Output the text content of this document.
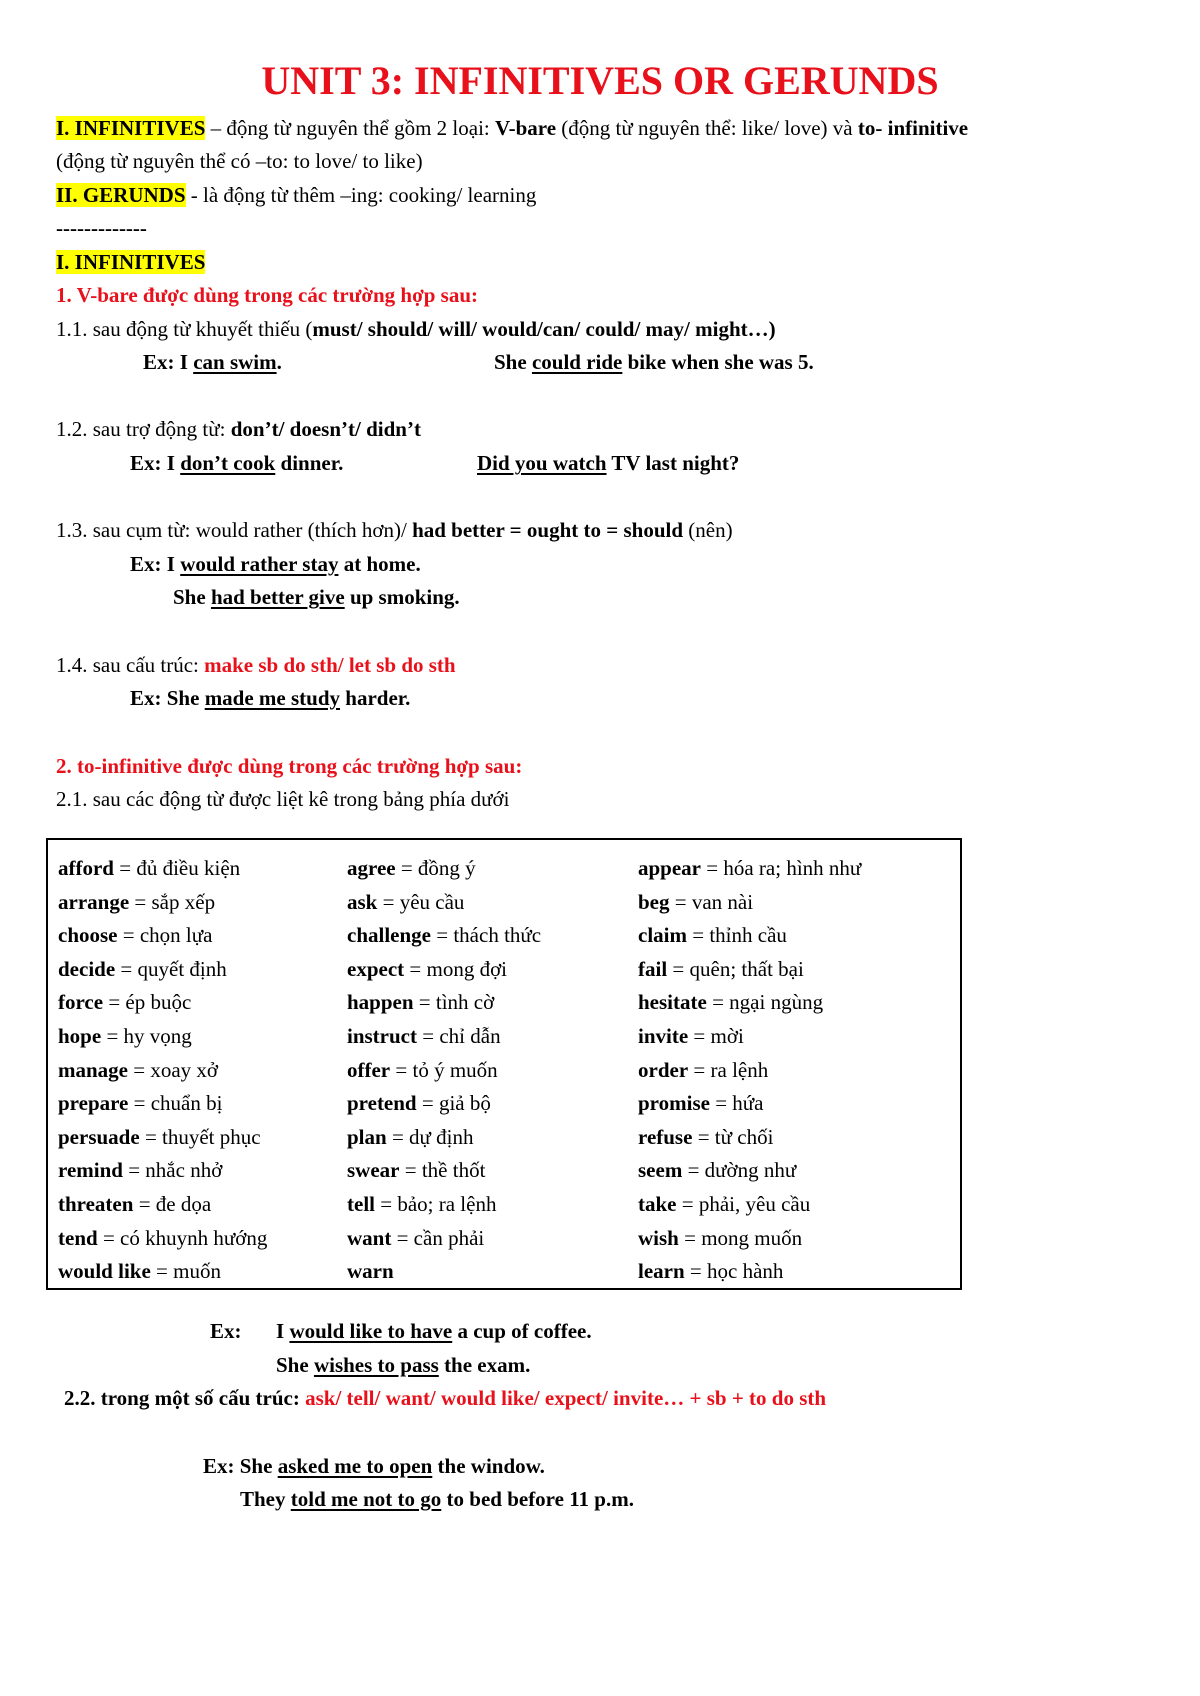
UNIT 3: INFINITIVES OR GERUNDS
I. INFINITIVES – động từ nguyên thể gồm 2 loại: V-bare (động từ nguyên thể: like/ love) và to- infinitive
(động từ nguyên thể có –to: to love/ to like)
II. GERUNDS - là động từ thêm –ing: cooking/ learning
-------------
I. INFINITIVES
1. V-bare được dùng trong các trường hợp sau:
1.1. sau động từ khuyết thiếu (must/ should/ will/ would/can/ could/ may/ might…)
Ex: I can swim.	She could ride bike when she was 5.
1.2. sau trợ động từ: don’t/ doesn’t/ didn’t
Ex: I don’t cook dinner.	Did you watch TV last night?
1.3. sau cụm từ: would rather (thích hơn)/ had better = ought to = should (nên)
Ex: I would rather stay at home.
She had better give up smoking.
1.4. sau cấu trúc: make sb do sth/ let sb do sth
Ex: She made me study harder.
2. to-infinitive được dùng trong các trường hợp sau:
2.1. sau các động từ được liệt kê trong bảng phía dưới
afford = đủ điều kiện
arrange = sắp xếp
choose = chọn lựa
decide = quyết định
force = ép buộc
hope = hy vọng
manage = xoay xở
prepare = chuẩn bị
persuade = thuyết phục
remind = nhắc nhở
threaten = đe dọa
tend = có khuynh hướng
would like = muốn
agree = đồng ý
ask = yêu cầu
challenge = thách thức
expect = mong đợi
happen = tình cờ
instruct = chỉ dẫn
offer = tỏ ý muốn
pretend = giả bộ
plan = dự định
swear = thề thốt
tell = bảo; ra lệnh
want = cần phải
warn
appear = hóa ra; hình như
beg = van nài
claim = thỉnh cầu
fail = quên; thất bại
hesitate = ngại ngùng
invite = mời
order = ra lệnh
promise = hứa
refuse = từ chối
seem = dường như
take = phải, yêu cầu
wish = mong muốn
learn = học hành
Ex: I would like to have a cup of coffee.
She wishes to pass the exam.
2.2. trong một số cấu trúc: ask/ tell/ want/ would like/ expect/ invite… + sb + to do sth
Ex: She asked me to open the window.
They told me not to go to bed before 11 p.m.
